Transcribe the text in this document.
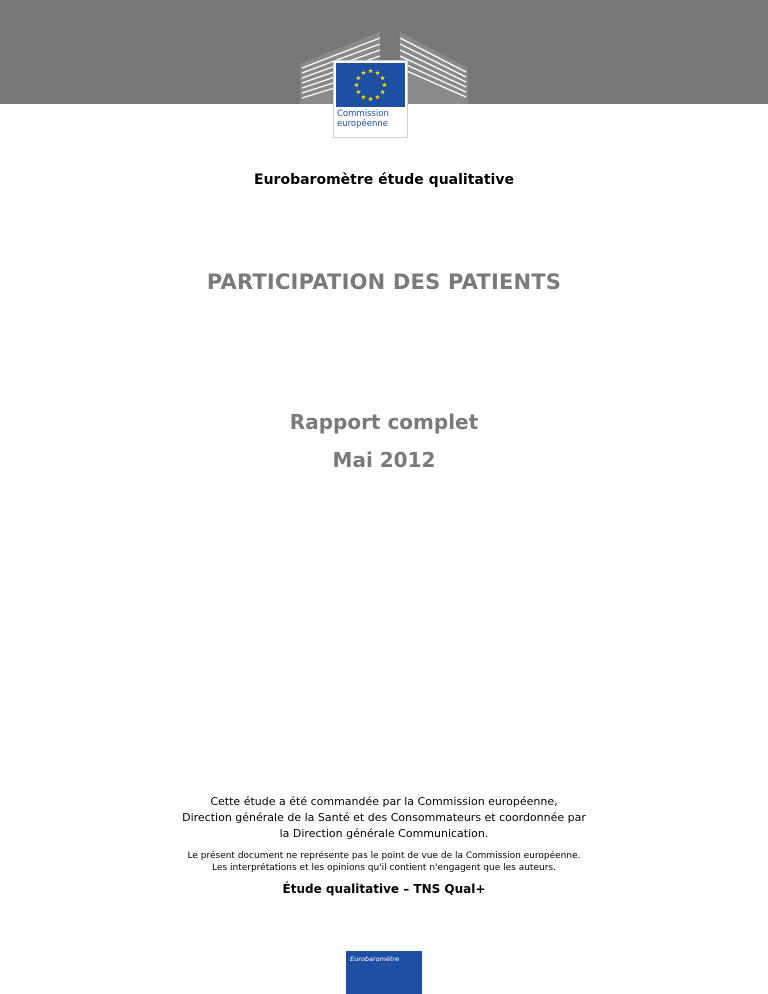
Commission
européenne
Eurobaromètre étude qualitative
PARTICIPATION DES PATIENTS
Rapport complet
Mai 2012
Cette étude a été commandée par la Commission européenne,
Direction générale de la Santé et des Consommateurs et coordonnée par
la Direction générale Communication.
Le présent document ne représente pas le point de vue de la Commission européenne.
Les interprétations et les opinions qu'il contient n'engagent que les auteurs.
Étude qualitative – TNS Qual+
Eurobaromètre
